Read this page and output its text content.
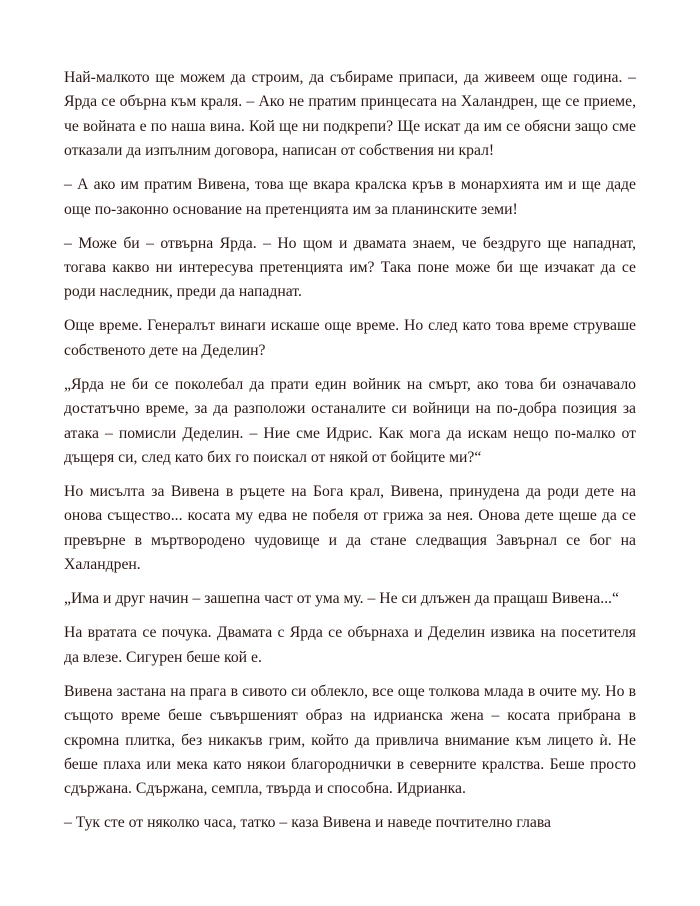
Най-малкото ще можем да строим, да събираме припаси, да живеем още година. – Ярда се обърна към краля. – Ако не пратим принцесата на Халандрен, ще се приеме, че войната е по наша вина. Кой ще ни подкрепи? Ще искат да им се обясни защо сме отказали да изпълним договора, написан от собствения ни крал!

– А ако им пратим Вивена, това ще вкара кралска кръв в монархията им и ще даде още по-законно основание на претенцията им за планинските земи!

– Може би – отвърна Ярда. – Но щом и двамата знаем, че бездруго ще нападнат, тогава какво ни интересува претенцията им? Така поне може би ще изчакат да се роди наследник, преди да нападнат.

Още време. Генералът винаги искаше още време. Но след като това време струваше собственото дете на Деделин?

„Ярда не би се поколебал да прати един войник на смърт, ако това би означавало достатъчно време, за да разположи останалите си войници на по-добра позиция за атака – помисли Деделин. – Ние сме Идрис. Как мога да искам нещо по-малко от дъщеря си, след като бих го поискал от някой от бойците ми?“

Но мисълта за Вивена в ръцете на Бога крал, Вивена, принудена да роди дете на онова същество... косата му едва не побеля от грижа за нея. Онова дете щеше да се превърне в мъртвородено чудовище и да стане следващия Завърнал се бог на Халандрен.

„Има и друг начин – зашепна част от ума му. – Не си длъжен да пращаш Вивена...“

На вратата се почука. Двамата с Ярда се обърнаха и Деделин извика на посетителя да влезе. Сигурен беше кой е.

Вивена застана на прага в сивото си облекло, все още толкова млада в очите му. Но в същото време беше съвършеният образ на идрианска жена – косата прибрана в скромна плитка, без никакъв грим, който да привлича внимание към лицето ѝ. Не беше плаха или мека като някои благороднички в северните кралства. Беше просто сдържана. Сдържана, семпла, твърда и способна. Идрианка.

– Тук сте от няколко часа, татко – каза Вивена и наведе почтително глава
